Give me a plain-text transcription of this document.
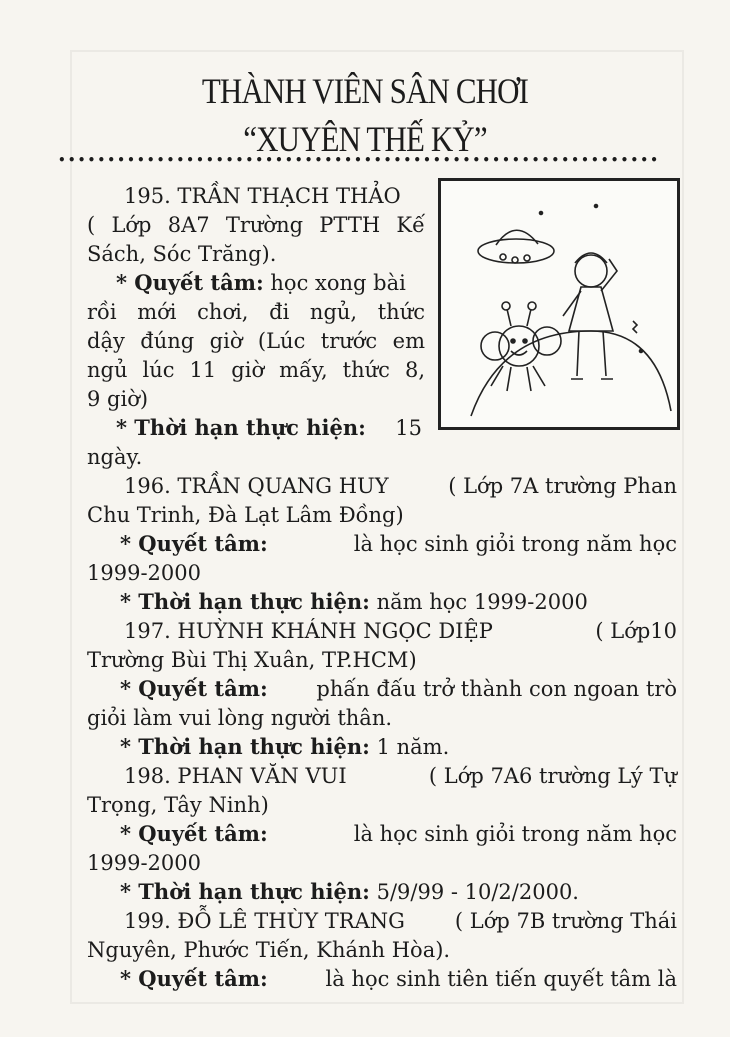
THÀNH VIÊN SÂN CHƠI
“XUYÊN THẾ KỶ”
•••••••••••••••••••••••••••••••••••••••••••••••••••••••••••••
195. TRẦN THẠCH THẢO
( Lớp 8A7 Trường PTTH Kế
Sách, Sóc Trăng).
* Quyết tâm: học xong bài
rồi mới chơi, đi ngủ, thức
dậy đúng giờ (Lúc trước em
ngủ lúc 11 giờ mấy, thức 8,
9 giờ)
* Thời hạn thực hiện: 15
ngày.
196. TRẦN QUANG HUY	( Lớp 7A trường Phan
Chu Trinh, Đà Lạt Lâm Đồng)
* Quyết tâm:	là học sinh giỏi trong năm học
1999-2000
* Thời hạn thực hiện: năm học 1999-2000
197. HUỲNH KHÁNH NGỌC DIỆP	( Lớp10
Trường Bùi Thị Xuân, TP.HCM)
* Quyết tâm: phấn đấu trở thành con ngoan trò
giỏi làm vui lòng người thân.
* Thời hạn thực hiện: 1 năm.
198. PHAN VĂN VUI	( Lớp 7A6 trường Lý Tự
Trọng, Tây Ninh)
* Quyết tâm:	là học sinh giỏi trong năm học
1999-2000
* Thời hạn thực hiện: 5/9/99 - 10/2/2000.
199. ĐỖ LÊ THÙY TRANG ( Lớp 7B trường Thái
Nguyên, Phước Tiến, Khánh Hòa).
* Quyết tâm:	là học sinh tiên tiến quyết tâm là
